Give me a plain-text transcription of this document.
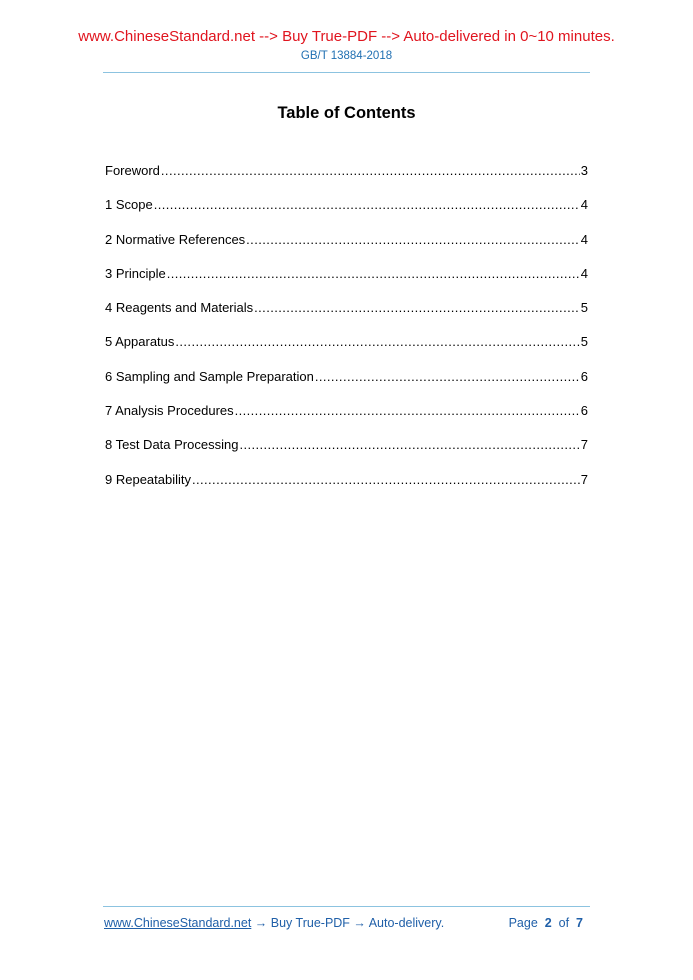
www.ChineseStandard.net --> Buy True-PDF --> Auto-delivered in 0~10 minutes.
GB/T 13884-2018
Table of Contents
Foreword .....	3
1 Scope .....	4
2 Normative References .....	4
3 Principle .....	4
4 Reagents and Materials .....	5
5 Apparatus .....	5
6 Sampling and Sample Preparation .....	6
7 Analysis Procedures .....	6
8 Test Data Processing .....	7
9 Repeatability .....	7
www.ChineseStandard.net → Buy True-PDF → Auto-delivery.	Page 2 of 7
